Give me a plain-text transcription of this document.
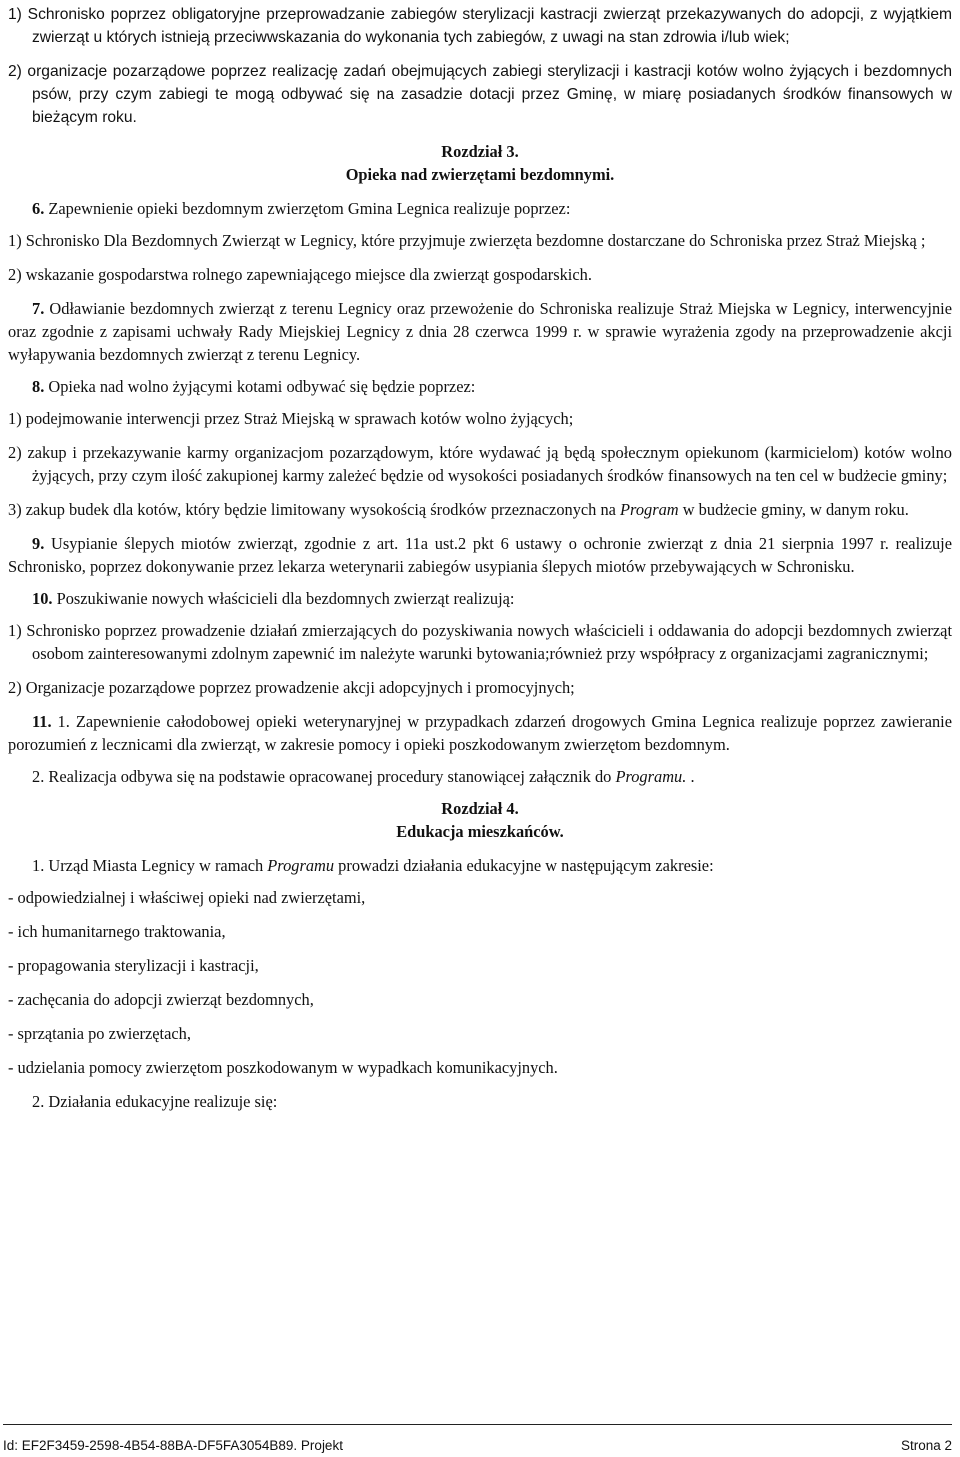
1) Schronisko poprzez obligatoryjne przeprowadzanie zabiegów sterylizacji kastracji zwierząt przekazywanych do adopcji, z wyjątkiem zwierząt u których istnieją przeciwwskazania do wykonania tych zabiegów, z uwagi na stan zdrowia i/lub wiek;

2) organizacje pozarządowe poprzez realizację zadań obejmujących zabiegi sterylizacji i kastracji kotów wolno żyjących i bezdomnych psów, przy czym zabiegi te mogą odbywać się na zasadzie dotacji przez Gminę, w miarę posiadanych środków finansowych w bieżącym roku.

Rozdział 3.
Opieka nad zwierzętami bezdomnymi.

6. Zapewnienie opieki bezdomnym zwierzętom Gmina Legnica realizuje poprzez:

1) Schronisko Dla Bezdomnych Zwierząt w Legnicy, które przyjmuje zwierzęta bezdomne dostarczane do Schroniska przez Straż Miejską ;

2) wskazanie gospodarstwa rolnego zapewniającego miejsce dla zwierząt gospodarskich.

7. Odławianie bezdomnych zwierząt z terenu Legnicy oraz przewożenie do Schroniska realizuje Straż Miejska w Legnicy, interwencyjnie oraz zgodnie z zapisami uchwały Rady Miejskiej Legnicy z dnia 28 czerwca 1999 r. w sprawie wyrażenia zgody na przeprowadzenie akcji wyłapywania bezdomnych zwierząt z terenu Legnicy.

8. Opieka nad wolno żyjącymi kotami odbywać się będzie poprzez:

1) podejmowanie interwencji przez Straż Miejską w sprawach kotów wolno żyjących;

2) zakup i przekazywanie karmy organizacjom pozarządowym, które wydawać ją będą społecznym opiekunom (karmicielom) kotów wolno żyjących, przy czym ilość zakupionej karmy zależeć będzie od wysokości posiadanych środków finansowych na ten cel w budżecie gminy;

3) zakup budek dla kotów, który będzie limitowany wysokością środków przeznaczonych na Program w budżecie gminy, w danym roku.

9. Usypianie ślepych miotów zwierząt, zgodnie z art. 11a ust.2 pkt 6 ustawy o ochronie zwierząt z dnia 21 sierpnia 1997 r. realizuje Schronisko, poprzez dokonywanie przez lekarza weterynarii zabiegów usypiania ślepych miotów przebywających w Schronisku.

10. Poszukiwanie nowych właścicieli dla bezdomnych zwierząt realizują:

1) Schronisko poprzez prowadzenie działań zmierzających do pozyskiwania nowych właścicieli i oddawania do adopcji bezdomnych zwierząt osobom zainteresowanymi zdolnym zapewnić im należyte warunki bytowania;również przy współpracy z organizacjami zagranicznymi;

2) Organizacje pozarządowe poprzez prowadzenie akcji adopcyjnych i promocyjnych;

11. 1. Zapewnienie całodobowej opieki weterynaryjnej w przypadkach zdarzeń drogowych Gmina Legnica realizuje poprzez zawieranie porozumień z lecznicami dla zwierząt, w zakresie pomocy i opieki poszkodowanym zwierzętom bezdomnym.

2. Realizacja odbywa się na podstawie opracowanej procedury stanowiącej załącznik do Programu. .

Rozdział 4.
Edukacja mieszkańców.

1. Urząd Miasta Legnicy w ramach Programu prowadzi działania edukacyjne w następującym zakresie:

- odpowiedzialnej i właściwej opieki nad zwierzętami,

- ich humanitarnego traktowania,

- propagowania sterylizacji i kastracji,

- zachęcania do adopcji zwierząt bezdomnych,

- sprzątania po zwierzętach,

- udzielania pomocy zwierzętom poszkodowanym w wypadkach komunikacyjnych.

2. Działania edukacyjne realizuje się:

Id: EF2F3459-2598-4B54-88BA-DF5FA3054B89. Projekt	Strona 2
